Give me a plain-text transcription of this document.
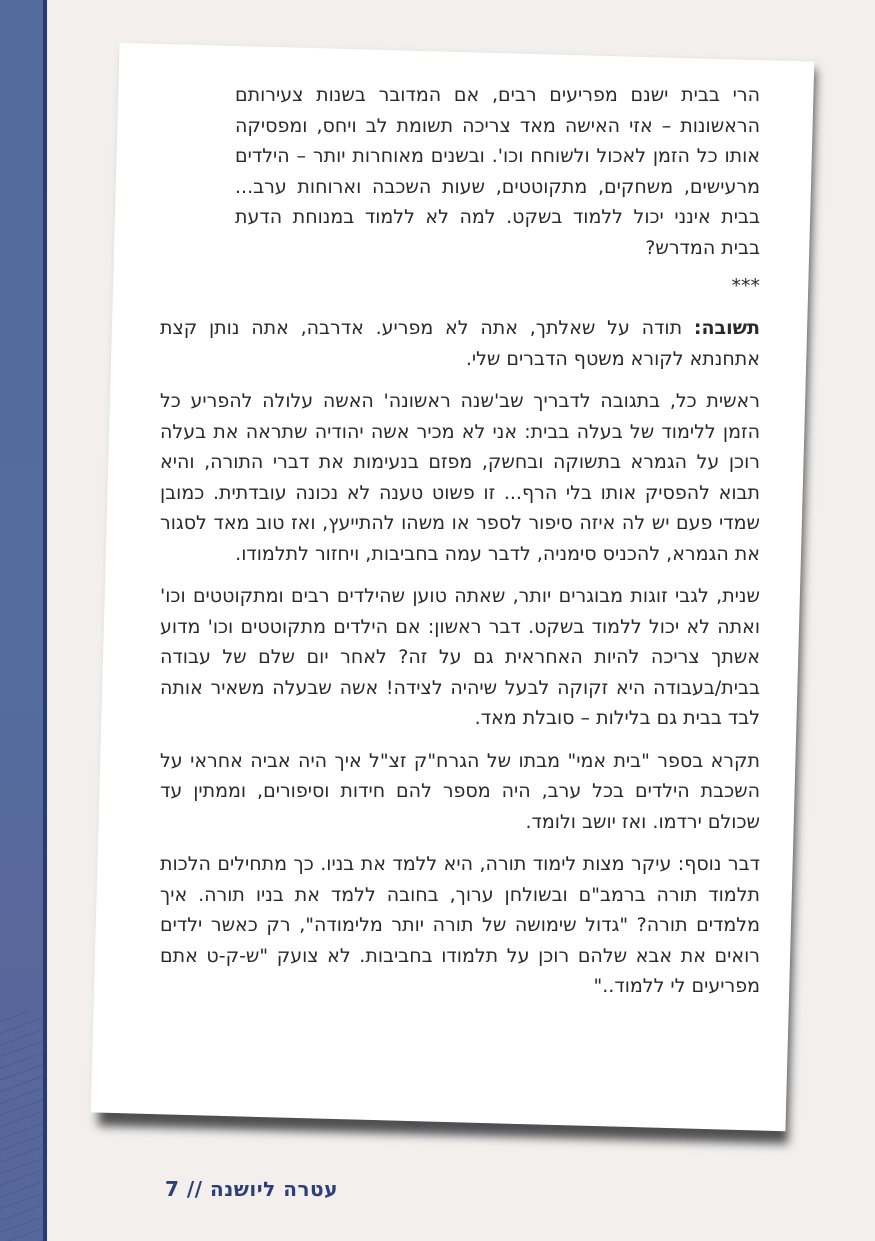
הרי בבית ישנם מפריעים רבים, אם המדובר בשנות צעירותם הראשונות – אזי האישה מאד צריכה תשומת לב ויחס, ומפסיקה אותו כל הזמן לאכול ולשוחח וכו'. ובשנים מאוחרות יותר – הילדים מרעישים, משחקים, מתקוטטים, שעות השכבה וארוחות ערב... בבית אינני יכול ללמוד בשקט. למה לא ללמוד במנוחת הדעת בבית המדרש?

***

תשובה: תודה על שאלתך, אתה לא מפריע. אדרבה, אתה נותן קצת אתחנתא לקורא משטף הדברים שלי.

ראשית כל, בתגובה לדבריך שב'שנה ראשונה' האשה עלולה להפריע כל הזמן ללימוד של בעלה בבית: אני לא מכיר אשה יהודיה שתראה את בעלה רוכן על הגמרא בתשוקה ובחשק, מפזם בנעימות את דברי התורה, והיא תבוא להפסיק אותו בלי הרף... זו פשוט טענה לא נכונה עובדתית. כמובן שמדי פעם יש לה איזה סיפור לספר או משהו להתייעץ, ואז טוב מאד לסגור את הגמרא, להכניס סימניה, לדבר עמה בחביבות, ויחזור לתלמודו.

שנית, לגבי זוגות מבוגרים יותר, שאתה טוען שהילדים רבים ומתקוטטים וכו' ואתה לא יכול ללמוד בשקט. דבר ראשון: אם הילדים מתקוטטים וכו' מדוע אשתך צריכה להיות האחראית גם על זה? לאחר יום שלם של עבודה בבית/בעבודה היא זקוקה לבעל שיהיה לצידה! אשה שבעלה משאיר אותה לבד בבית גם בלילות – סובלת מאד.

תקרא בספר "בית אמי" מבתו של הגרח"ק זצ"ל איך היה אביה אחראי על השכבת הילדים בכל ערב, היה מספר להם חידות וסיפורים, וממתין עד שכולם ירדמו. ואז יושב ולומד.

דבר נוסף: עיקר מצות לימוד תורה, היא ללמד את בניו. כך מתחילים הלכות תלמוד תורה ברמב"ם ובשולחן ערוך, בחובה ללמד את בניו תורה. איך מלמדים תורה? "גדול שימושה של תורה יותר מלימודה", רק כאשר ילדים רואים את אבא שלהם רוכן על תלמודו בחביבות. לא צועק "ש-ק-ט אתם מפריעים לי ללמוד.."

עטרה ליושנה // 7
